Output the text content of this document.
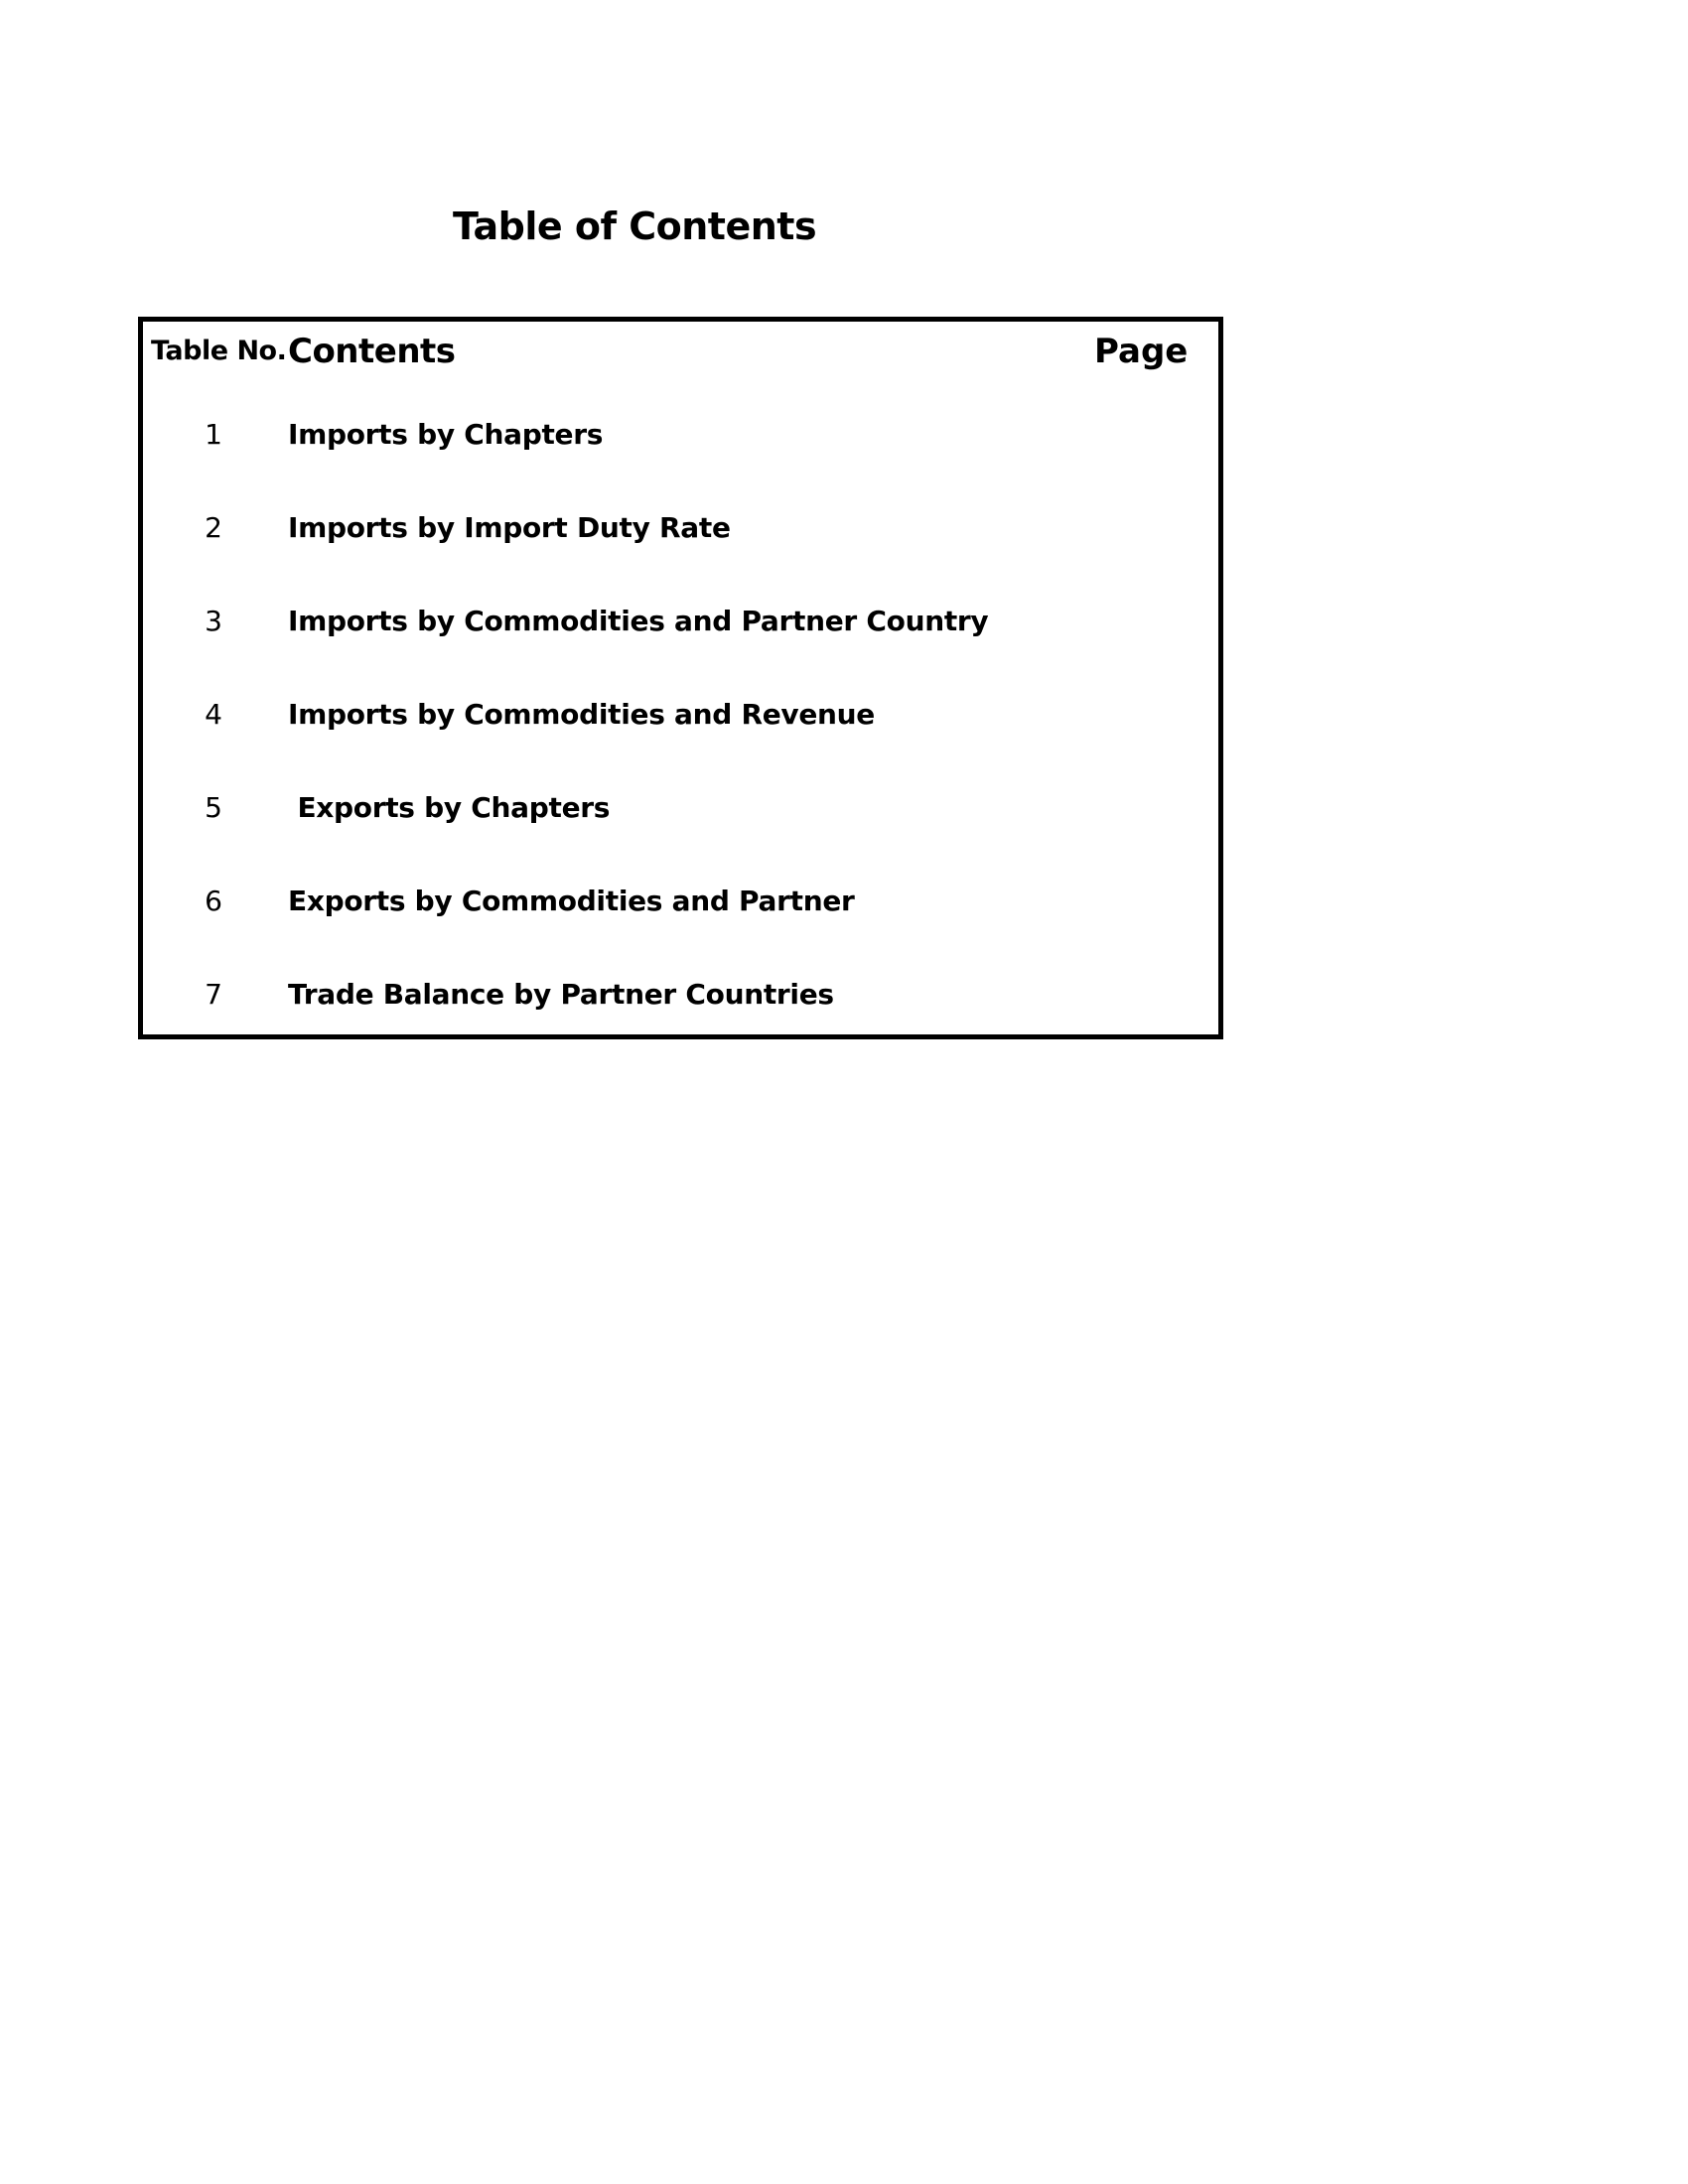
Table of Contents
Table No. Contents	Page
1 Imports by Chapters
2 Imports by Import Duty Rate
3 Imports by Commodities and Partner Country
4 Imports by Commodities and Revenue
5 Exports by Chapters
6 Exports by Commodities and Partner
7 Trade Balance by Partner Countries
